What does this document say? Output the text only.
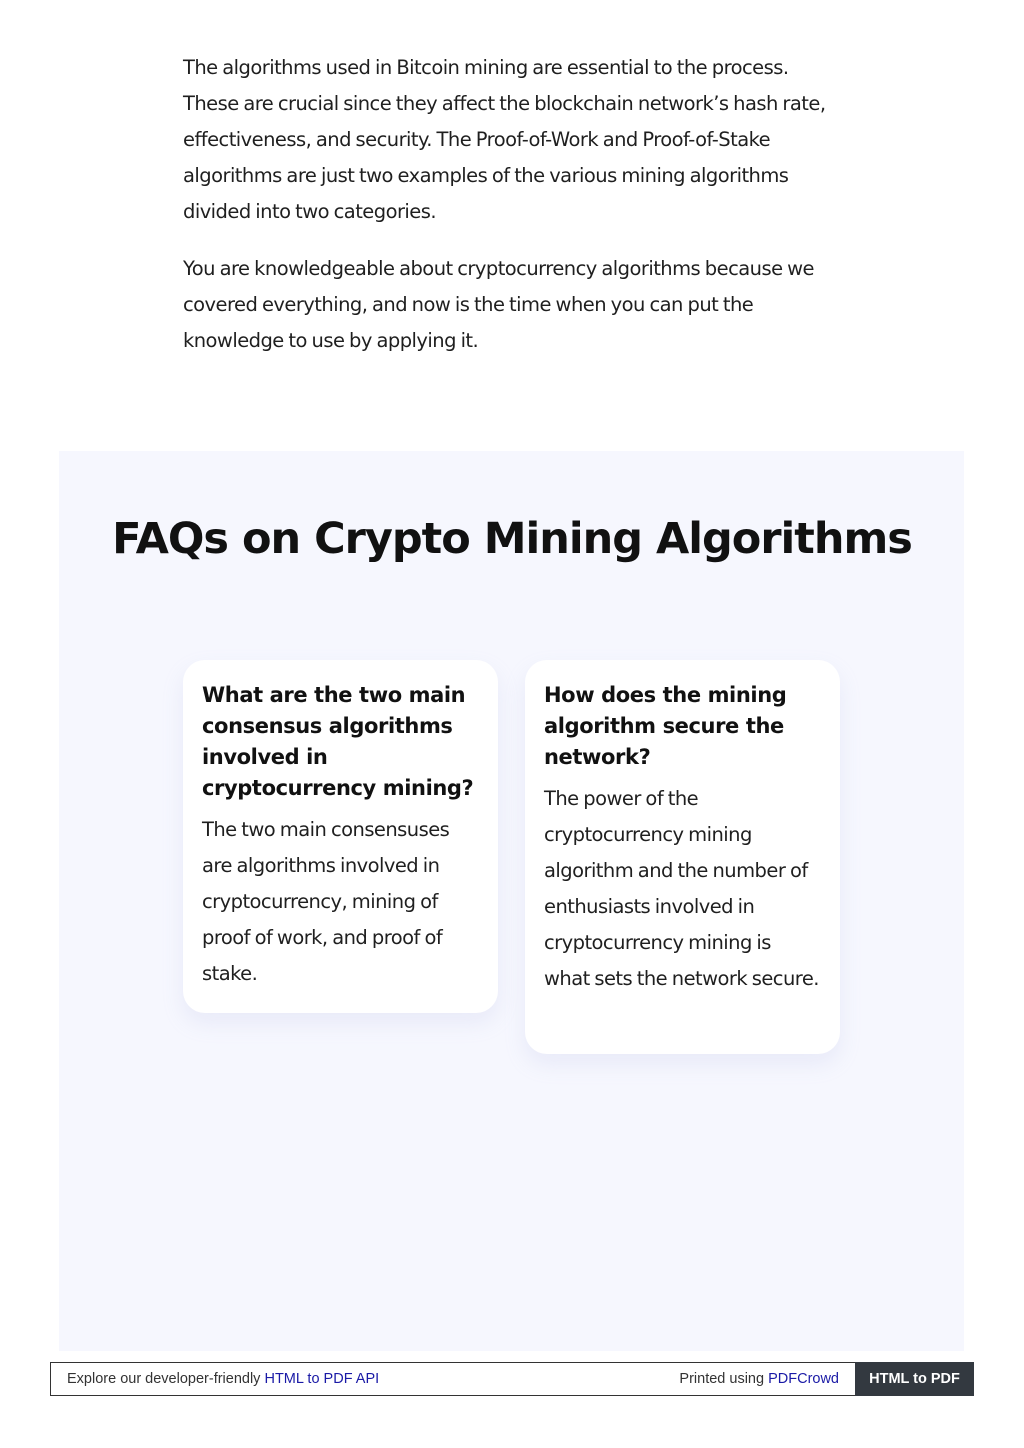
The algorithms used in Bitcoin mining are essential to the process. These are crucial since they affect the blockchain network’s hash rate, effectiveness, and security. The Proof-of-Work and Proof-of-Stake algorithms are just two examples of the various mining algorithms divided into two categories.

You are knowledgeable about cryptocurrency algorithms because we covered everything, and now is the time when you can put the knowledge to use by applying it.

FAQs on Crypto Mining Algorithms
What are the two main consensus algorithms involved in cryptocurrency mining?

The two main consensuses are algorithms involved in cryptocurrency, mining of proof of work, and proof of stake.

How does the mining algorithm secure the network?

The power of the cryptocurrency mining algorithm and the number of enthusiasts involved in cryptocurrency mining is what sets the network secure.

Explore our developer-friendly HTML to PDF API	Printed using PDFCrowd	HTML to PDF
